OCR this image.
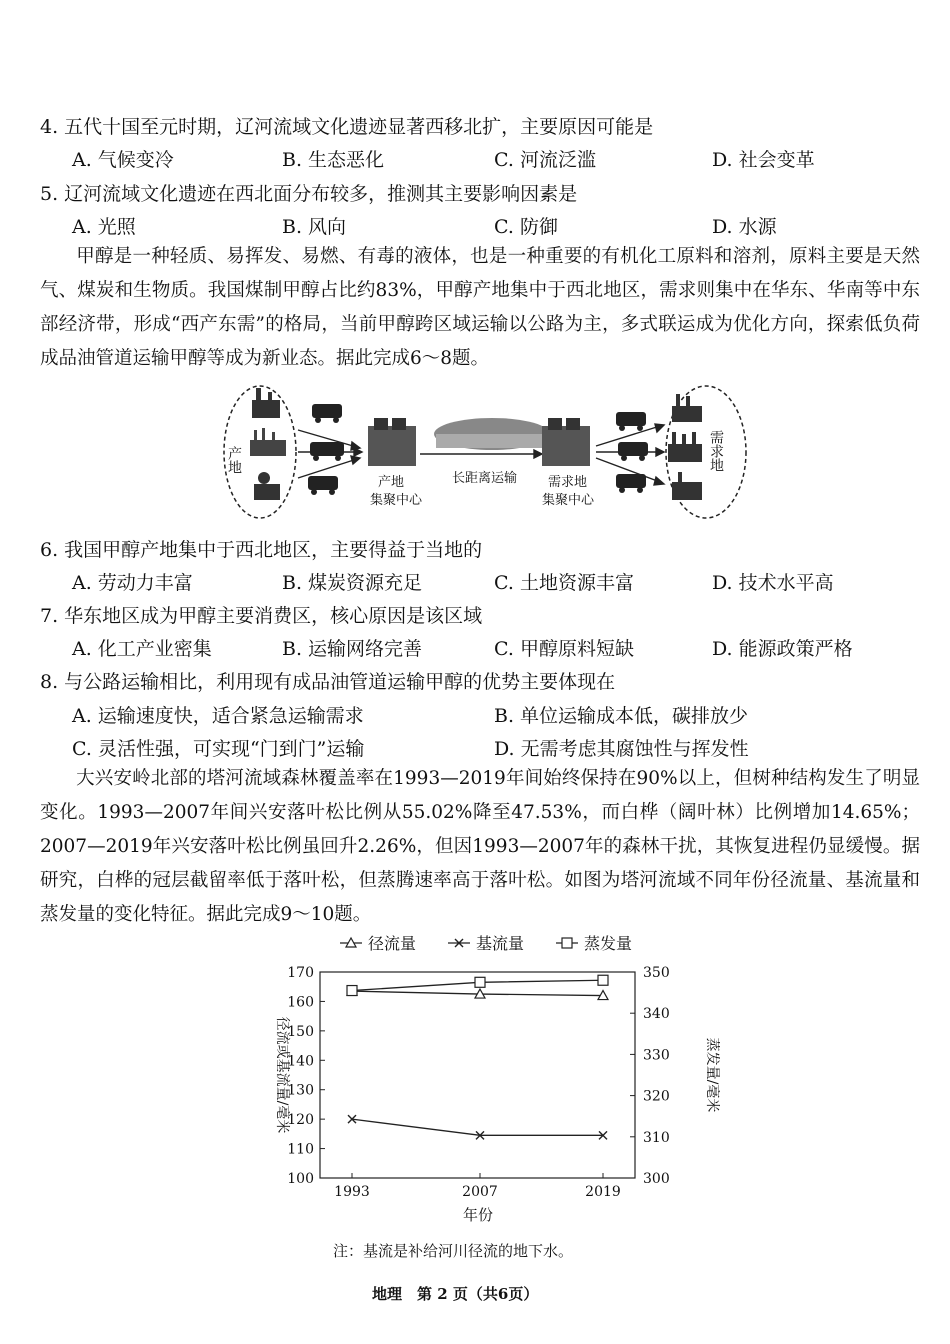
4. 五代十国至元时期，辽河流域文化遗迹显著西移北扩，主要原因可能是
A. 气候变冷	B. 生态恶化	C. 河流泛滥	D. 社会变革
5. 辽河流域文化遗迹在西北面分布较多，推测其主要影响因素是
A. 光照	B. 风向	C. 防御	D. 水源
甲醇是一种轻质、易挥发、易燃、有毒的液体，也是一种重要的有机化工原料和溶剂，原料主要是天然气、煤炭和生物质。我国煤制甲醇占比约83%，甲醇产地集中于西北地区，需求则集中在华东、华南等中东部经济带，形成“西产东需”的格局，当前甲醇跨区域运输以公路为主，多式联运成为优化方向，探索低负荷成品油管道运输甲醇等成为新业态。据此完成6～8题。
产地
产地
集聚中心
长距离运输 需求地
集聚中心
需求地
6. 我国甲醇产地集中于西北地区，主要得益于当地的
A. 劳动力丰富	B. 煤炭资源充足	C. 土地资源丰富	D. 技术水平高
7. 华东地区成为甲醇主要消费区，核心原因是该区域
A. 化工产业密集	B. 运输网络完善	C. 甲醇原料短缺	D. 能源政策严格
8. 与公路运输相比，利用现有成品油管道运输甲醇的优势主要体现在
A. 运输速度快，适合紧急运输需求	B. 单位运输成本低，碳排放少
C. 灵活性强，可实现“门到门”运输	D. 无需考虑其腐蚀性与挥发性
大兴安岭北部的塔河流域森林覆盖率在1993—2019年间始终保持在90%以上，但树种结构发生了明显变化。1993—2007年间兴安落叶松比例从55.02%降至47.53%，而白桦（阔叶林）比例增加14.65%；2007—2019年兴安落叶松比例虽回升2.26%，但因1993—2007年的森林干扰，其恢复进程仍显缓慢。据研究，白桦的冠层截留率低于落叶松，但蒸腾速率高于落叶松。如图为塔河流域不同年份径流量、基流量和蒸发量的变化特征。据此完成9～10题。
径流量	基流量	蒸发量
100
110
120
130
140
150
160
170
300
310
320
330
340
350
1993	2007	2019
径流或基流量/毫米	蒸发量/毫米
年份
注：基流是补给河川径流的地下水。
地理　第 2 页（共6页）
